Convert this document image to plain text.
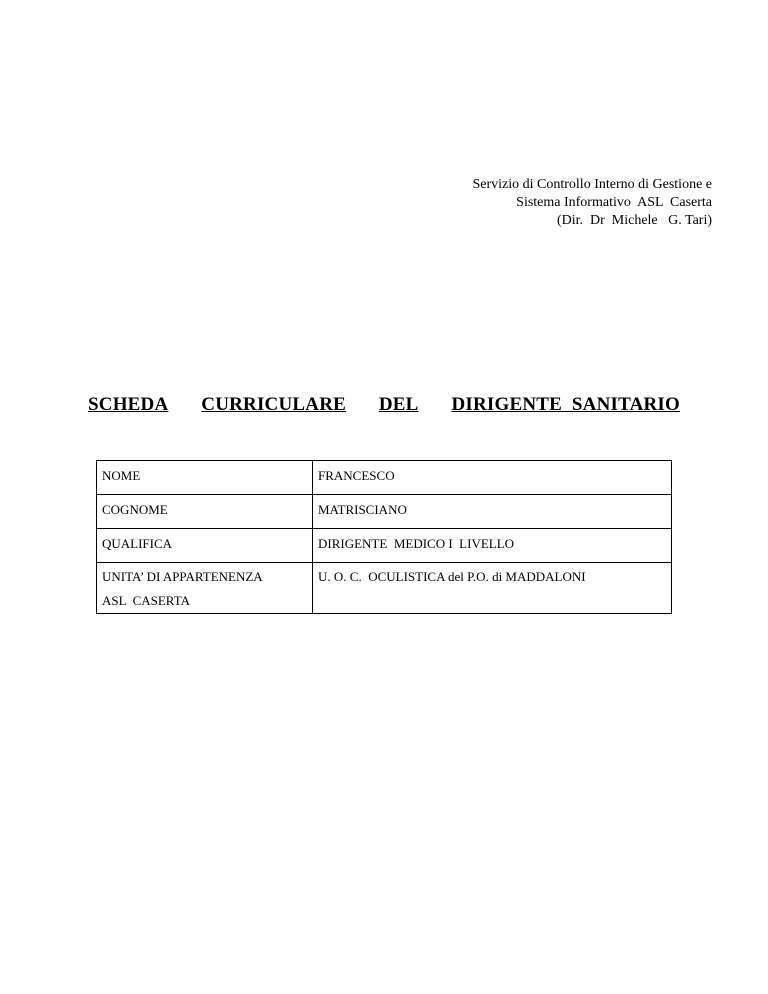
Servizio di Controllo Interno di Gestione e
Sistema Informativo  ASL  Caserta
(Dir.  Dr  Michele   G. Tari)
SCHEDA CURRICULARE DEL DIRIGENTE  SANITARIO
NOME	FRANCESCO
COGNOME	MATRISCIANO
QUALIFICA	DIRIGENTE  MEDICO I  LIVELLO

UNITA’ DI APPARTENENZA
ASL  CASERTA	U. O. C.  OCULISTICA del P.O. di MADDALONI
